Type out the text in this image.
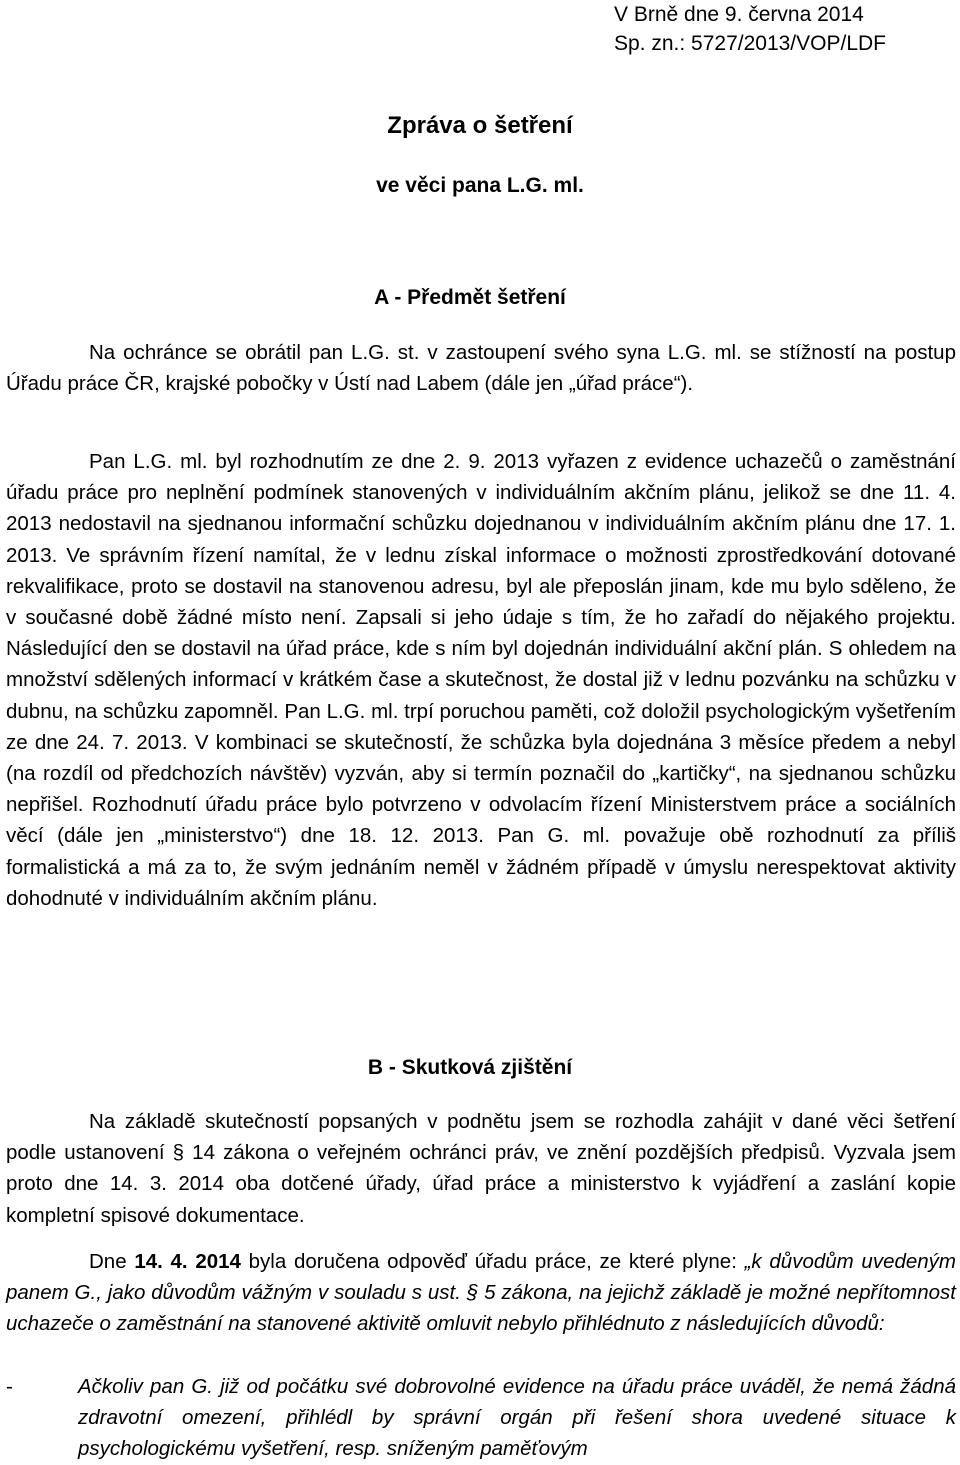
V Brně dne 9. června 2014
Sp. zn.: 5727/2013/VOP/LDF
Zpráva o šetření
ve věci pana L.G. ml.
A - Předmět šetření

Na ochránce se obrátil pan L.G. st. v zastoupení svého syna L.G. ml. se stížností na postup Úřadu práce ČR, krajské pobočky v Ústí nad Labem (dále jen „úřad práce“).

Pan L.G. ml. byl rozhodnutím ze dne 2. 9. 2013 vyřazen z evidence uchazečů o zaměstnání úřadu práce pro neplnění podmínek stanovených v individuálním akčním plánu, jelikož se dne 11. 4. 2013 nedostavil na sjednanou informační schůzku dojednanou v individuálním akčním plánu dne 17. 1. 2013. Ve správním řízení namítal, že v lednu získal informace o možnosti zprostředkování dotované rekvalifikace, proto se dostavil na stanovenou adresu, byl ale přeposlán jinam, kde mu bylo sděleno, že v současné době žádné místo není. Zapsali si jeho údaje s tím, že ho zařadí do nějakého projektu. Následující den se dostavil na úřad práce, kde s ním byl dojednán individuální akční plán. S ohledem na množství sdělených informací v krátkém čase a skutečnost, že dostal již v lednu pozvánku na schůzku v dubnu, na schůzku zapomněl. Pan L.G. ml. trpí poruchou paměti, což doložil psychologickým vyšetřením ze dne 24. 7. 2013. V kombinaci se skutečností, že schůzka byla dojednána 3 měsíce předem a nebyl (na rozdíl od předchozích návštěv) vyzván, aby si termín poznačil do „kartičky“, na sjednanou schůzku nepřišel. Rozhodnutí úřadu práce bylo potvrzeno v odvolacím řízení Ministerstvem práce a sociálních věcí (dále jen „ministerstvo“) dne 18. 12. 2013. Pan G. ml. považuje obě rozhodnutí za příliš formalistická a má za to, že svým jednáním neměl v žádném případě v úmyslu nerespektovat aktivity dohodnuté v individuálním akčním plánu.

B - Skutková zjištění

Na základě skutečností popsaných v podnětu jsem se rozhodla zahájit v dané věci šetření podle ustanovení § 14 zákona o veřejném ochránci práv, ve znění pozdějších předpisů. Vyzvala jsem proto dne 14. 3. 2014 oba dotčené úřady, úřad práce a ministerstvo k vyjádření a zaslání kopie kompletní spisové dokumentace.

Dne 14. 4. 2014 byla doručena odpověď úřadu práce, ze které plyne: „k důvodům uvedeným panem G., jako důvodům vážným v souladu s ust. § 5 zákona, na jejichž základě je možné nepřítomnost uchazeče o zaměstnání na stanovené aktivitě omluvit nebylo přihlédnuto z následujících důvodů:

-	Ačkoliv pan G. již od počátku své dobrovolné evidence na úřadu práce uváděl, že nemá žádná zdravotní omezení, přihlédl by správní orgán při řešení shora uvedené situace k psychologickému vyšetření, resp. sníženým paměťovým
